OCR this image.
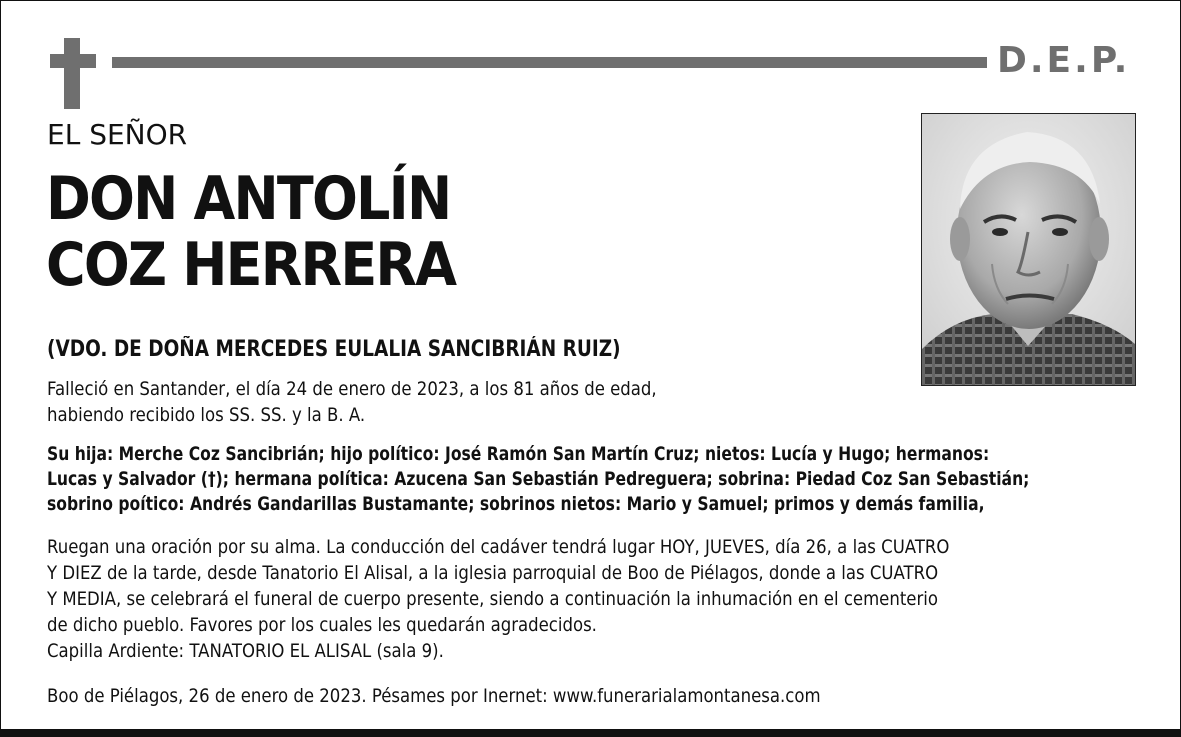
D.E.P.
EL SEÑOR
DON ANTOLÍN
COZ HERRERA
(VDO. DE DOÑA MERCEDES EULALIA SANCIBRIÁN RUIZ)
Falleció en Santander, el día 24 de enero de 2023, a los 81 años de edad,
habiendo recibido los SS. SS. y la B. A.
Su hija: Merche Coz Sancibrián; hijo político: José Ramón San Martín Cruz; nietos: Lucía y Hugo; hermanos:
Lucas y Salvador (†); hermana política: Azucena San Sebastián Pedreguera; sobrina: Piedad Coz San Sebastián;
sobrino poítico: Andrés Gandarillas Bustamante; sobrinos nietos: Mario y Samuel; primos y demás familia,
Ruegan una oración por su alma. La conducción del cadáver tendrá lugar HOY, JUEVES, día 26, a las CUATRO
Y DIEZ de la tarde, desde Tanatorio El Alisal, a la iglesia parroquial de Boo de Piélagos, donde a las CUATRO
Y MEDIA, se celebrará el funeral de cuerpo presente, siendo a continuación la inhumación en el cementerio
de dicho pueblo. Favores por los cuales les quedarán agradecidos.
Capilla Ardiente: TANATORIO EL ALISAL (sala 9).
Boo de Piélagos, 26 de enero de 2023. Pésames por Inernet: www.funerarialamontanesa.com
